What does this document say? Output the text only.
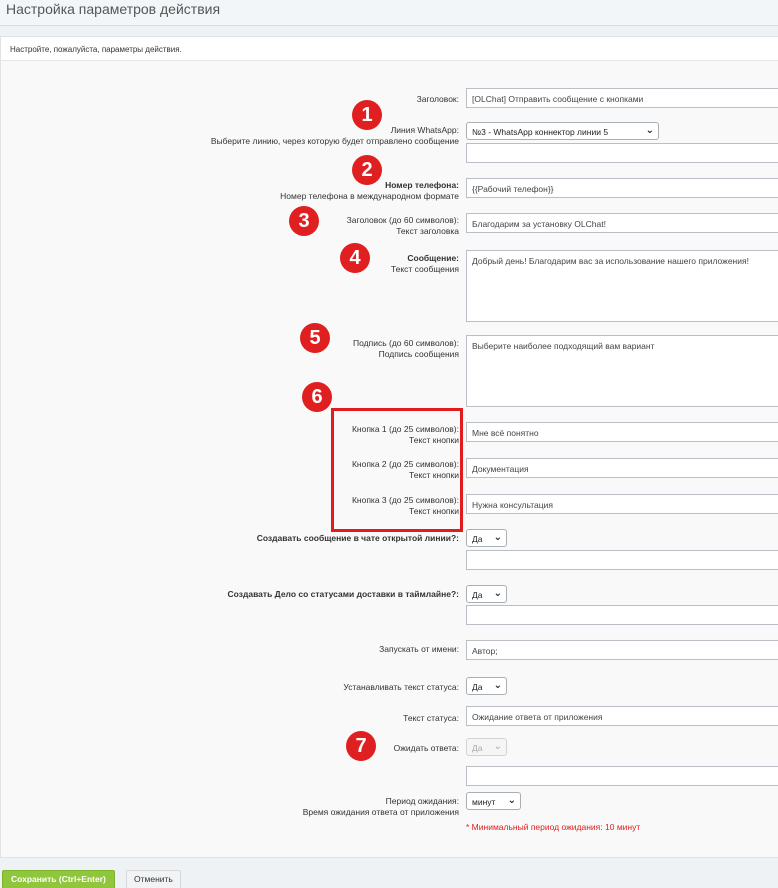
Настройка параметров действия
Настройте, пожалуйста, параметры действия.
Заголовок:	[OLChat] Отправить сообщение с кнопками
Линия WhatsApp:
Выберите линию, через которую будет отправлено сообщение
№3 - WhatsApp коннектор линии 5	⌄
Номер телефона:
Номер телефона в международном формате
{{Рабочий телефон}}
Заголовок (до 60 символов):
Текст заголовка
Благодарим за установку OLChat!
Сообщение:
Текст сообщения
Добрый день! Благодарим вас за использование нашего приложения!
Подпись (до 60 символов):
Подпись сообщения
Выберите наиболее подходящий вам вариант
Кнопка 1 (до 25 символов):
Текст кнопки
Мне всё понятно
Кнопка 2 (до 25 символов):
Текст кнопки
Документация
Кнопка 3 (до 25 символов):
Текст кнопки
Нужна консультация
Создавать сообщение в чате открытой линии?:	Да ⌄
Создавать Дело со статусами доставки в таймлайне?:	Да ⌄
Запускать от имени:	Автор;
Устанавливать текст статуса:	Да ⌄
Текст статуса:	Ожидание ответа от приложения
Ожидать ответа:	Да ⌄
Период ожидания:
Время ожидания ответа от приложения
минут ⌄
* Минимальный период ожидания: 10 минут
1
2
3
4
5
6
7
Сохранить (Ctrl+Enter)	Отменить
